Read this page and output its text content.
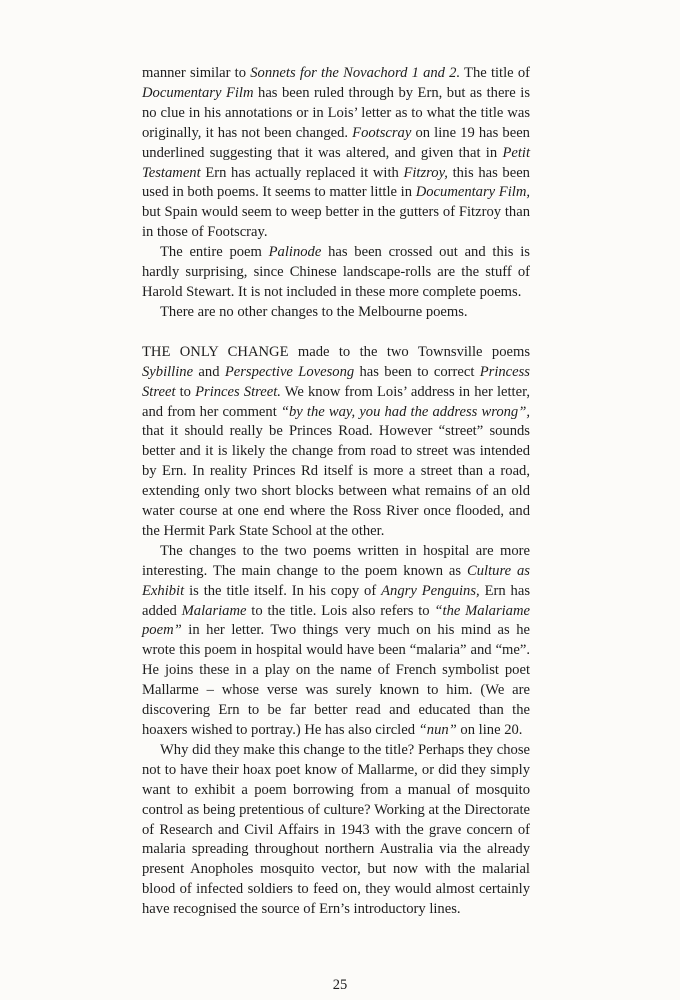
manner similar to Sonnets for the Novachord 1 and 2. The title of Documentary Film has been ruled through by Ern, but as there is no clue in his annotations or in Lois’ letter as to what the title was originally, it has not been changed. Footscray on line 19 has been underlined suggesting that it was altered, and given that in Petit Testament Ern has actually replaced it with Fitzroy, this has been used in both poems. It seems to matter little in Documentary Film, but Spain would seem to weep better in the gutters of Fitzroy than in those of Footscray.

The entire poem Palinode has been crossed out and this is hardly surprising, since Chinese landscape-rolls are the stuff of Harold Stewart. It is not included in these more complete poems.

There are no other changes to the Melbourne poems.

THE ONLY CHANGE made to the two Townsville poems Sybilline and Perspective Lovesong has been to correct Princess Street to Princes Street. We know from Lois’ address in her letter, and from her comment “by the way, you had the address wrong”, that it should really be Princes Road. However “street” sounds better and it is likely the change from road to street was intended by Ern. In reality Princes Rd itself is more a street than a road, extending only two short blocks between what remains of an old water course at one end where the Ross River once flooded, and the Hermit Park State School at the other.

The changes to the two poems written in hospital are more interesting. The main change to the poem known as Culture as Exhibit is the title itself. In his copy of Angry Penguins, Ern has added Malariame to the title. Lois also refers to “the Malariame poem” in her letter. Two things very much on his mind as he wrote this poem in hospital would have been “malaria” and “me”. He joins these in a play on the name of French symbolist poet Mallarme – whose verse was surely known to him. (We are discovering Ern to be far better read and educated than the hoaxers wished to portray.) He has also circled “nun” on line 20.

Why did they make this change to the title? Perhaps they chose not to have their hoax poet know of Mallarme, or did they simply want to exhibit a poem borrowing from a manual of mosquito control as being pretentious of culture? Working at the Directorate of Research and Civil Affairs in 1943 with the grave concern of malaria spreading throughout northern Australia via the already present Anopholes mosquito vector, but now with the malarial blood of infected soldiers to feed on, they would almost certainly have recognised the source of Ern’s introductory lines.

25
